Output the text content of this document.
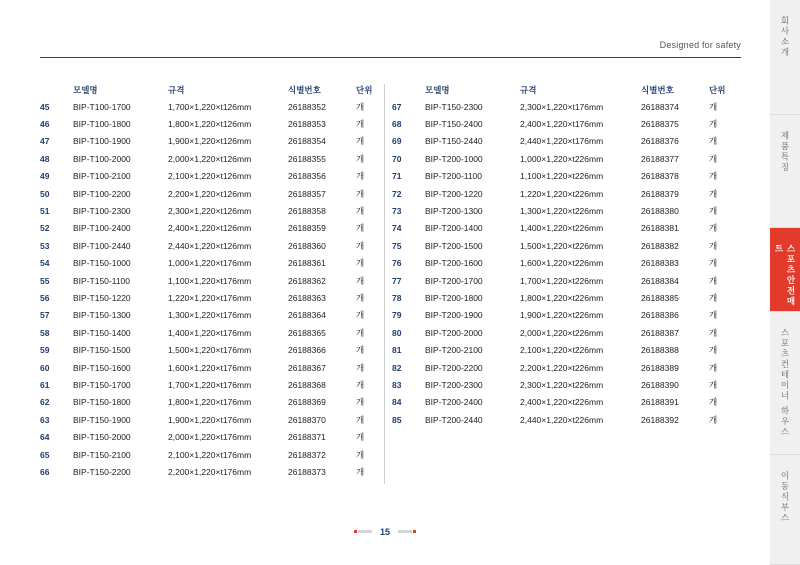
Designed for safety
모델명	규격	식별번호	단위
45	BIP-T100-1700	1,700×1,220×t126mm	26188352	개
46	BIP-T100-1800	1,800×1,220×t126mm	26188353	개
47	BIP-T100-1900	1,900×1,220×t126mm	26188354	개
48	BIP-T100-2000	2,000×1,220×t126mm	26188355	개
49	BIP-T100-2100	2,100×1,220×t126mm	26188356	개
50	BIP-T100-2200	2,200×1,220×t126mm	26188357	개
51	BIP-T100-2300	2,300×1,220×t126mm	26188358	개
52	BIP-T100-2400	2,400×1,220×t126mm	26188359	개
53	BIP-T100-2440	2,440×1,220×t126mm	26188360	개
54	BIP-T150-1000	1,000×1,220×t176mm	26188361	개
55	BIP-T150-1100	1,100×1,220×t176mm	26188362	개
56	BIP-T150-1220	1,220×1,220×t176mm	26188363	개
57	BIP-T150-1300	1,300×1,220×t176mm	26188364	개
58	BIP-T150-1400	1,400×1,220×t176mm	26188365	개
59	BIP-T150-1500	1,500×1,220×t176mm	26188366	개
60	BIP-T150-1600	1,600×1,220×t176mm	26188367	개
61	BIP-T150-1700	1,700×1,220×t176mm	26188368	개
62	BIP-T150-1800	1,800×1,220×t176mm	26188369	개
63	BIP-T150-1900	1,900×1,220×t176mm	26188370	개
64	BIP-T150-2000	2,000×1,220×t176mm	26188371	개
65	BIP-T150-2100	2,100×1,220×t176mm	26188372	개
66	BIP-T150-2200	2,200×1,220×t176mm	26188373	개
모델명	규격	식별번호	단위
67	BIP-T150-2300	2,300×1,220×t176mm	26188374	개
68	BIP-T150-2400	2,400×1,220×t176mm	26188375	개
69	BIP-T150-2440	2,440×1,220×t176mm	26188376	개
70	BIP-T200-1000	1,000×1,220×t226mm	26188377	개
71	BIP-T200-1100	1,100×1,220×t226mm	26188378	개
72	BIP-T200-1220	1,220×1,220×t226mm	26188379	개
73	BIP-T200-1300	1,300×1,220×t226mm	26188380	개
74	BIP-T200-1400	1,400×1,220×t226mm	26188381	개
75	BIP-T200-1500	1,500×1,220×t226mm	26188382	개
76	BIP-T200-1600	1,600×1,220×t226mm	26188383	개
77	BIP-T200-1700	1,700×1,220×t226mm	26188384	개
78	BIP-T200-1800	1,800×1,220×t226mm	26188385	개
79	BIP-T200-1900	1,900×1,220×t226mm	26188386	개
80	BIP-T200-2000	2,000×1,220×t226mm	26188387	개
81	BIP-T200-2100	2,100×1,220×t226mm	26188388	개
82	BIP-T200-2200	2,200×1,220×t226mm	26188389	개
83	BIP-T200-2300	2,300×1,220×t226mm	26188390	개
84	BIP-T200-2400	2,400×1,220×t226mm	26188391	개
85	BIP-T200-2440	2,440×1,220×t226mm	26188392	개
15
회사소개
제품특징
스포츠안전매트
스포츠컨테이너 하우스
이동식부스
